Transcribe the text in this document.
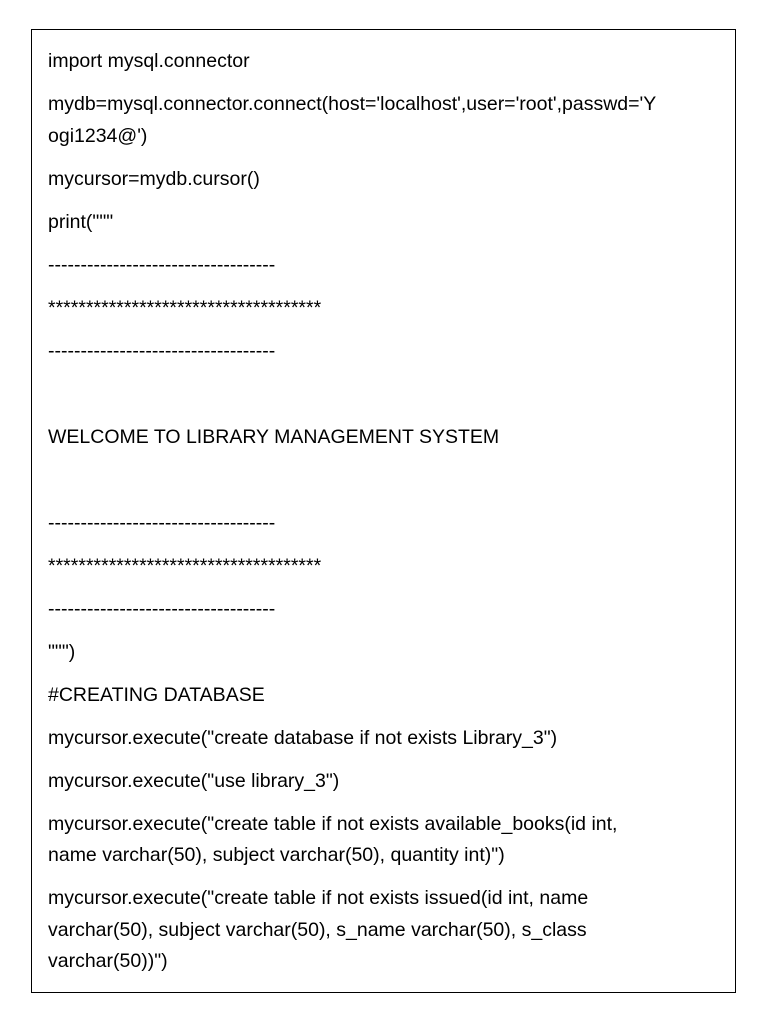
import mysql.connector
mydb=mysql.connector.connect(host='localhost',user='root',passwd='Y
ogi1234@')
mycursor=mydb.cursor()
print("""
-----------------------------------
************************************
-----------------------------------
WELCOME TO LIBRARY MANAGEMENT SYSTEM
-----------------------------------
************************************
-----------------------------------
""")
#CREATING DATABASE
mycursor.execute("create database if not exists Library_3")
mycursor.execute("use library_3")
mycursor.execute("create table if not exists available_books(id int,
name varchar(50), subject varchar(50), quantity int)")
mycursor.execute("create table if not exists issued(id int, name
varchar(50), subject varchar(50), s_name varchar(50), s_class
varchar(50))")
